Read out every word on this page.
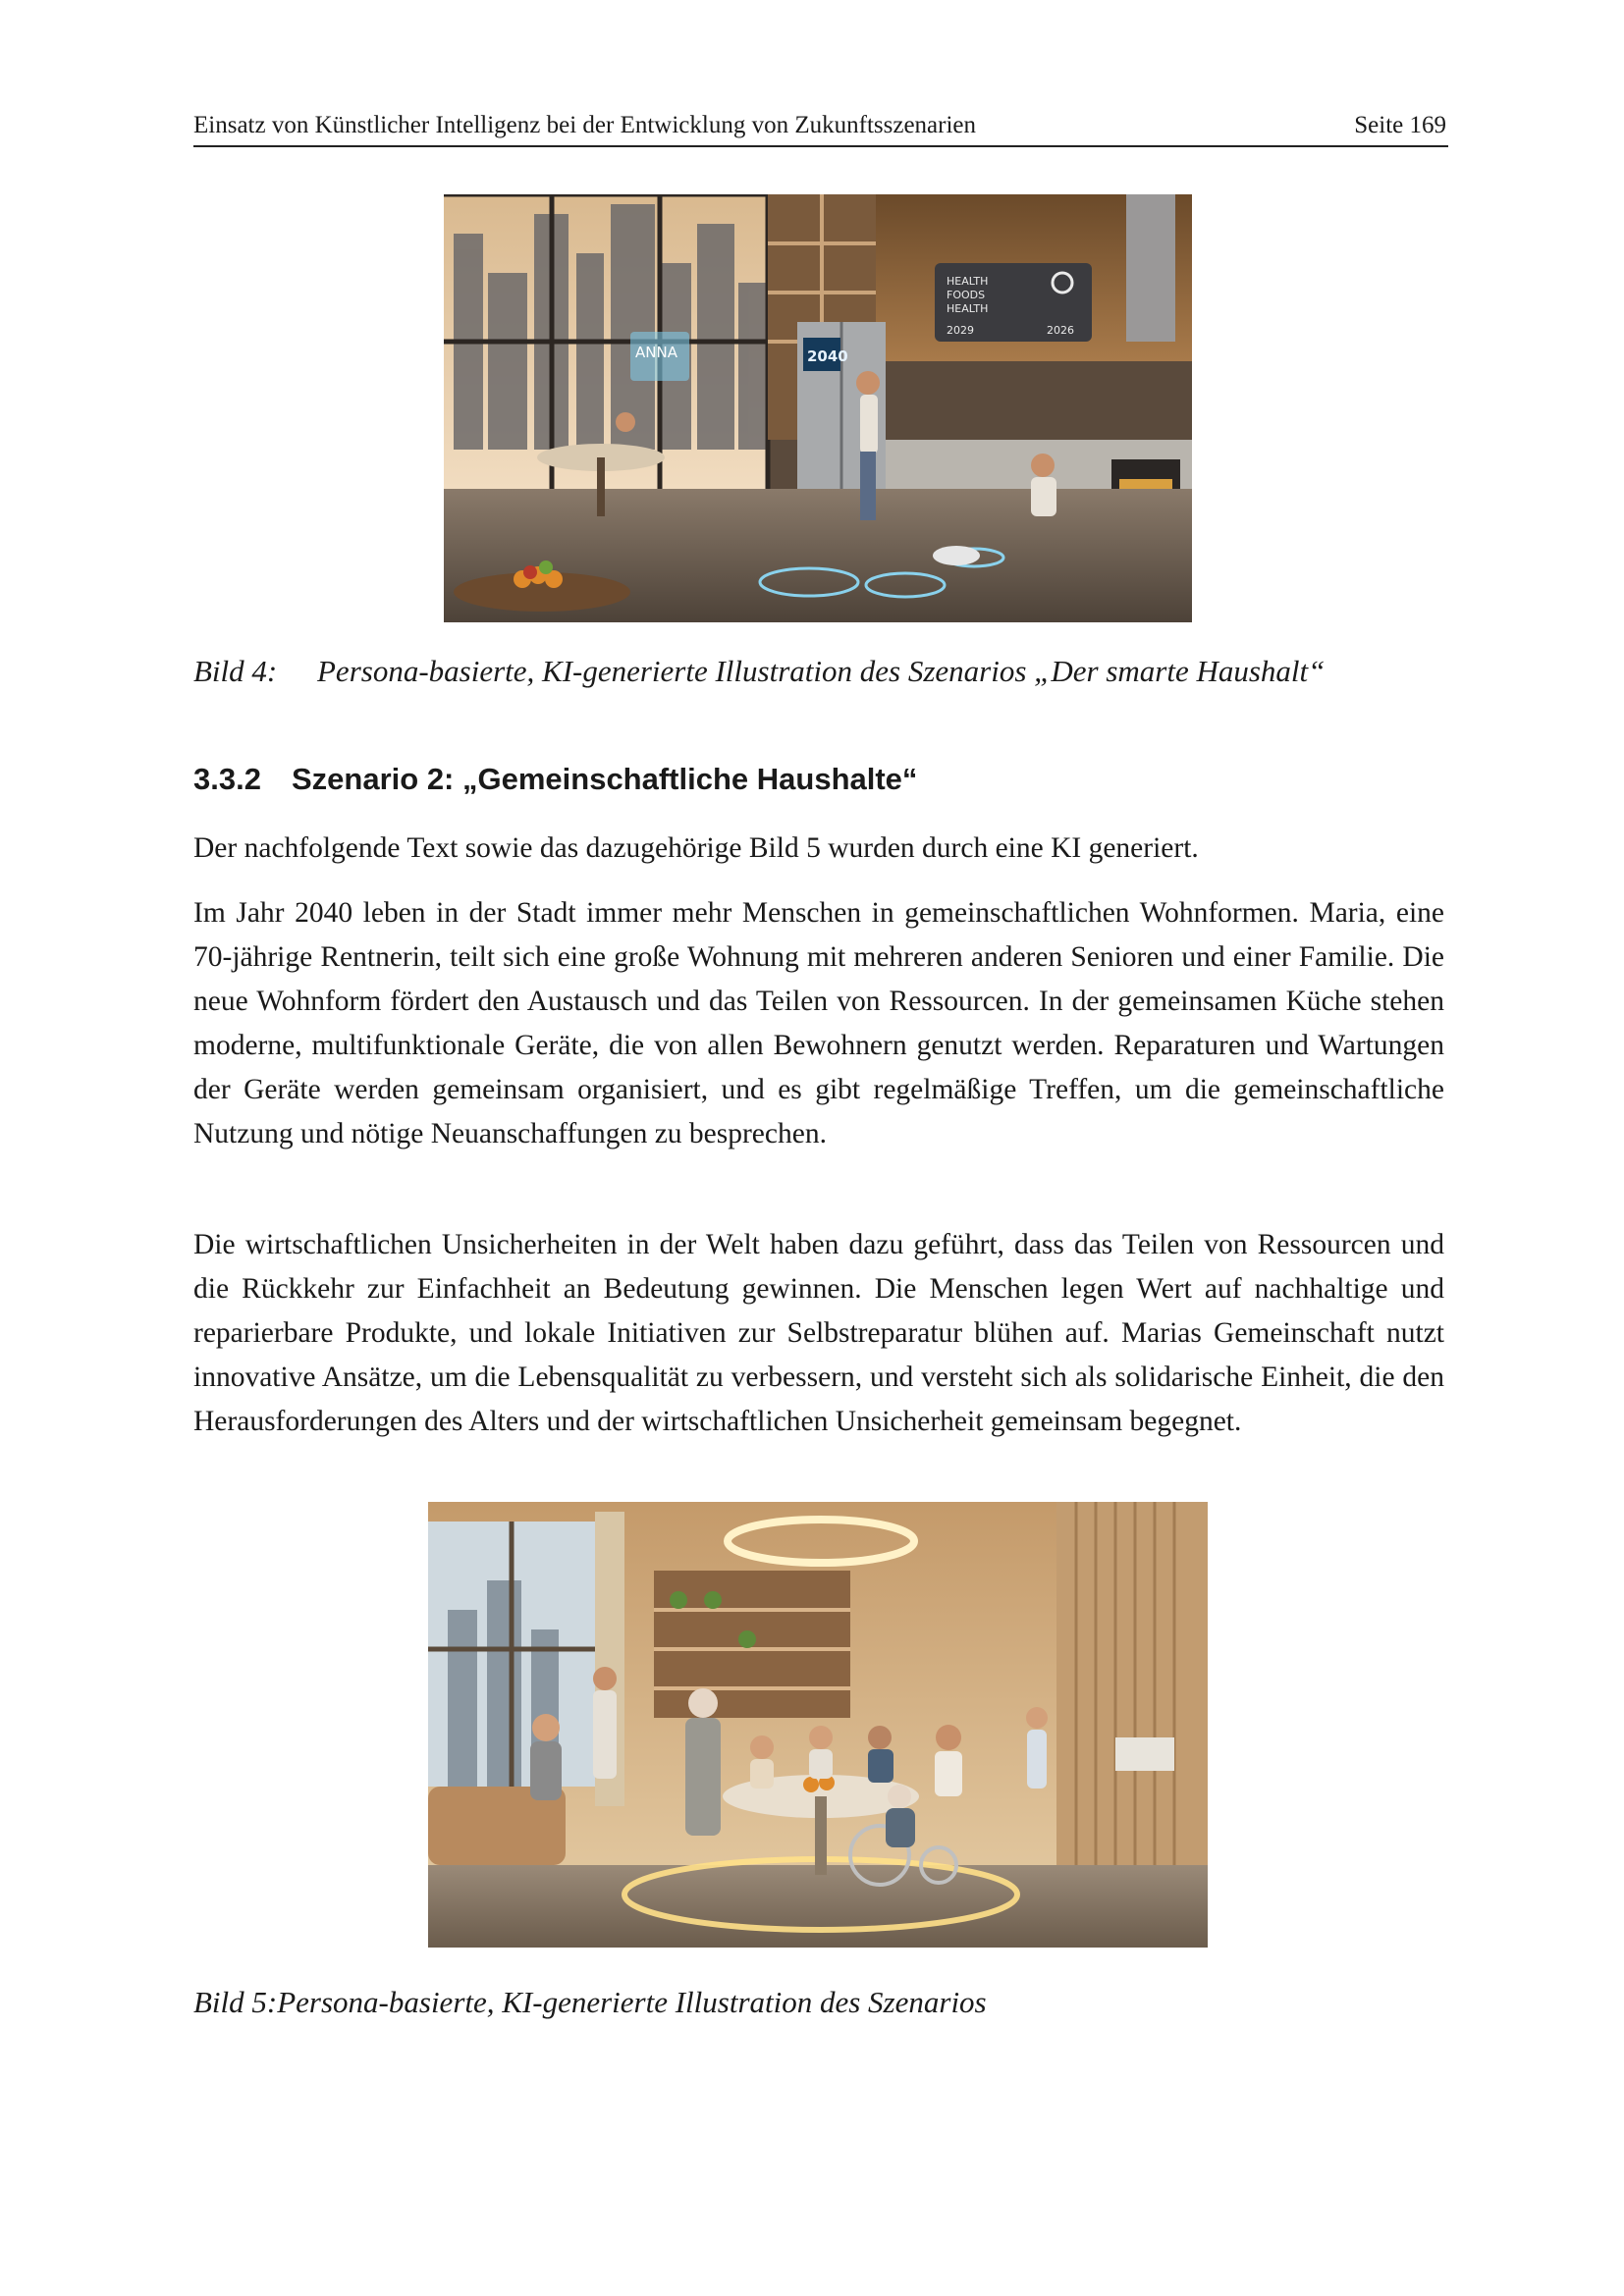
Einsatz von Künstlicher Intelligenz bei der Entwicklung von Zukunftsszenarien	Seite 169
HEALTH
FOODS
HEALTH
2029	2026
2040
ANNA
Bild 4: Persona-basierte, KI-generierte Illustration des Szenarios „Der smarte Haushalt“
3.3.2 Szenario 2: „Gemeinschaftliche Haushalte“

Der nachfolgende Text sowie das dazugehörige Bild 5 wurden durch eine KI generiert.

Im Jahr 2040 leben in der Stadt immer mehr Menschen in gemeinschaftlichen Wohnformen. Maria, eine 70-jährige Rentnerin, teilt sich eine große Wohnung mit mehreren anderen Senioren und einer Familie. Die neue Wohnform fördert den Austausch und das Teilen von Ressourcen. In der gemeinsamen Küche stehen moderne, multifunktionale Geräte, die von allen Bewohnern genutzt werden. Reparaturen und Wartungen der Geräte werden gemeinsam organisiert, und es gibt regelmäßige Treffen, um die gemeinschaftliche Nutzung und nötige Neuanschaffungen zu besprechen.

Die wirtschaftlichen Unsicherheiten in der Welt haben dazu geführt, dass das Teilen von Ressourcen und die Rückkehr zur Einfachheit an Bedeutung gewinnen. Die Menschen legen Wert auf nachhaltige und reparierbare Produkte, und lokale Initiativen zur Selbstreparatur blühen auf. Marias Gemeinschaft nutzt innovative Ansätze, um die Lebensqualität zu verbessern, und versteht sich als solidarische Einheit, die den Herausforderungen des Alters und der wirtschaftlichen Unsicherheit gemeinsam begegnet.

Bild 5:Persona-basierte, KI-generierte Illustration des Szenarios
